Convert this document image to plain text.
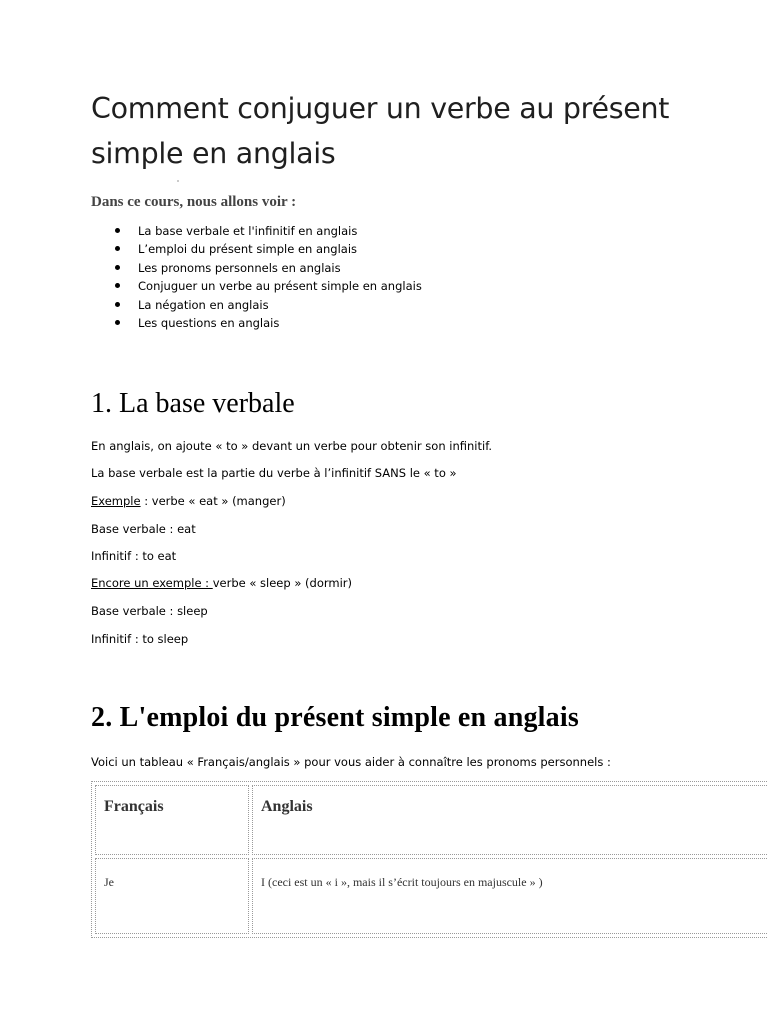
Comment conjuguer un verbe au présent simple en anglais

Dans ce cours, nous allons voir :

La base verbale et l'infinitif en anglais
L’emploi du présent simple en anglais
Les pronoms personnels en anglais
Conjuguer un verbe au présent simple en anglais
La négation en anglais
Les questions en anglais
1. La base verbale

En anglais, on ajoute « to » devant un verbe pour obtenir son infinitif.

La base verbale est la partie du verbe à l’infinitif SANS le « to »

Exemple : verbe « eat » (manger)

Base verbale : eat

Infinitif : to eat

Encore un exemple : verbe « sleep » (dormir)

Base verbale : sleep

Infinitif : to sleep

2. L'emploi du présent simple en anglais

Voici un tableau « Français/anglais » pour vous aider à connaître les pronoms personnels :

Français	Anglais
Je	I (ceci est un « i », mais il s’écrit toujours en majuscule » )
